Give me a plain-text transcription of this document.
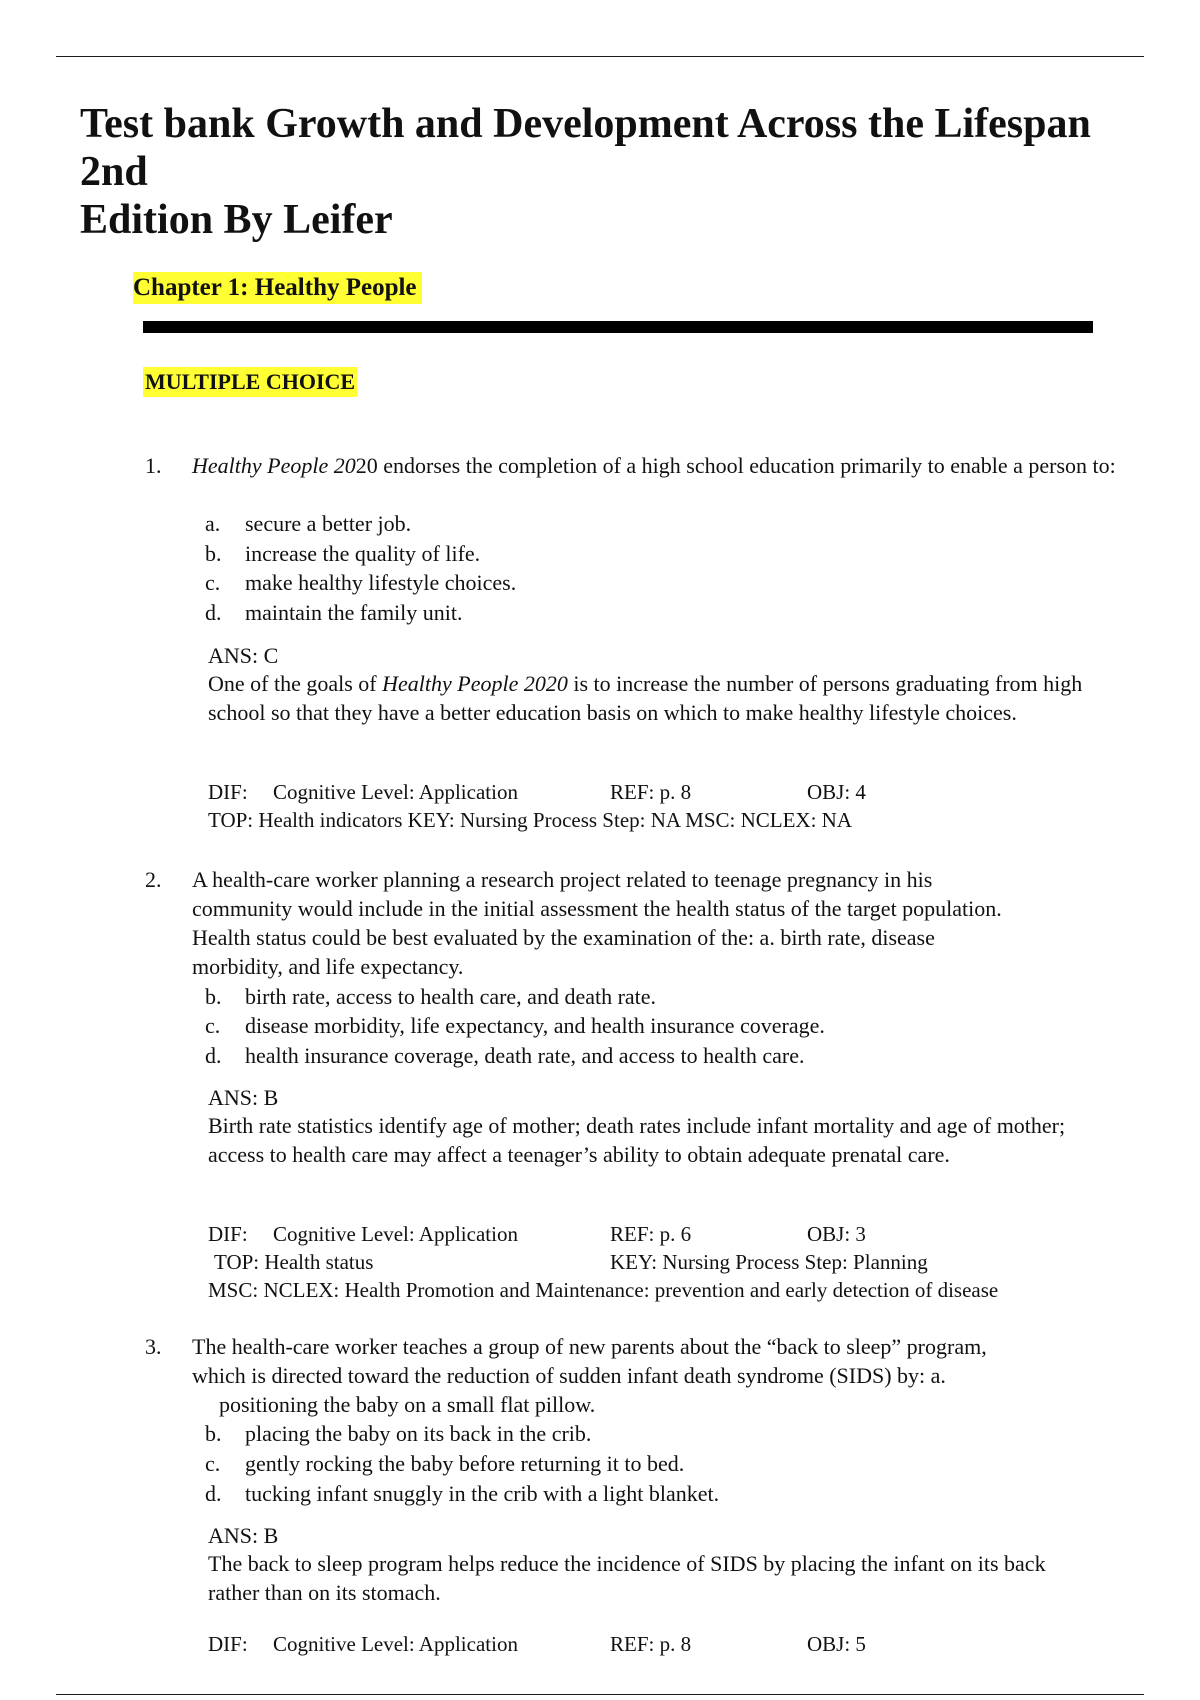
Test bank Growth and Development Across the Lifespan 2nd
Edition By Leifer
Chapter 1: Healthy People
MULTIPLE CHOICE
1. Healthy People 2020 endorses the completion of a high school education primarily to enable a person to:
a. secure a better job.
b. increase the quality of life.
c. make healthy lifestyle choices.
d. maintain the family unit.
ANS: C
One of the goals of Healthy People 2020 is to increase the number of persons graduating from high school so that they have a better education basis on which to make healthy lifestyle choices.
DIF: Cognitive Level: Application	REF: p. 8	OBJ: 4
TOP: Health indicators KEY: Nursing Process Step: NA MSC: NCLEX: NA
2. A health-care worker planning a research project related to teenage pregnancy in his
community would include in the initial assessment the health status of the target population.
Health status could be best evaluated by the examination of the: a. birth rate, disease
morbidity, and life expectancy.
b. birth rate, access to health care, and death rate.
c. disease morbidity, life expectancy, and health insurance coverage.
d. health insurance coverage, death rate, and access to health care.
ANS: B
Birth rate statistics identify age of mother; death rates include infant mortality and age of mother; access to health care may affect a teenager’s ability to obtain adequate prenatal care.
DIF: Cognitive Level: Application	REF: p. 6	OBJ: 3
TOP: Health status	KEY: Nursing Process Step: Planning
MSC: NCLEX: Health Promotion and Maintenance: prevention and early detection of disease
3. The health-care worker teaches a group of new parents about the “back to sleep” program,
which is directed toward the reduction of sudden infant death syndrome (SIDS) by: a.
positioning the baby on a small flat pillow.
b. placing the baby on its back in the crib.
c. gently rocking the baby before returning it to bed.
d. tucking infant snuggly in the crib with a light blanket.
ANS: B
The back to sleep program helps reduce the incidence of SIDS by placing the infant on its back rather than on its stomach.
DIF: Cognitive Level: Application	REF: p. 8	OBJ: 5
